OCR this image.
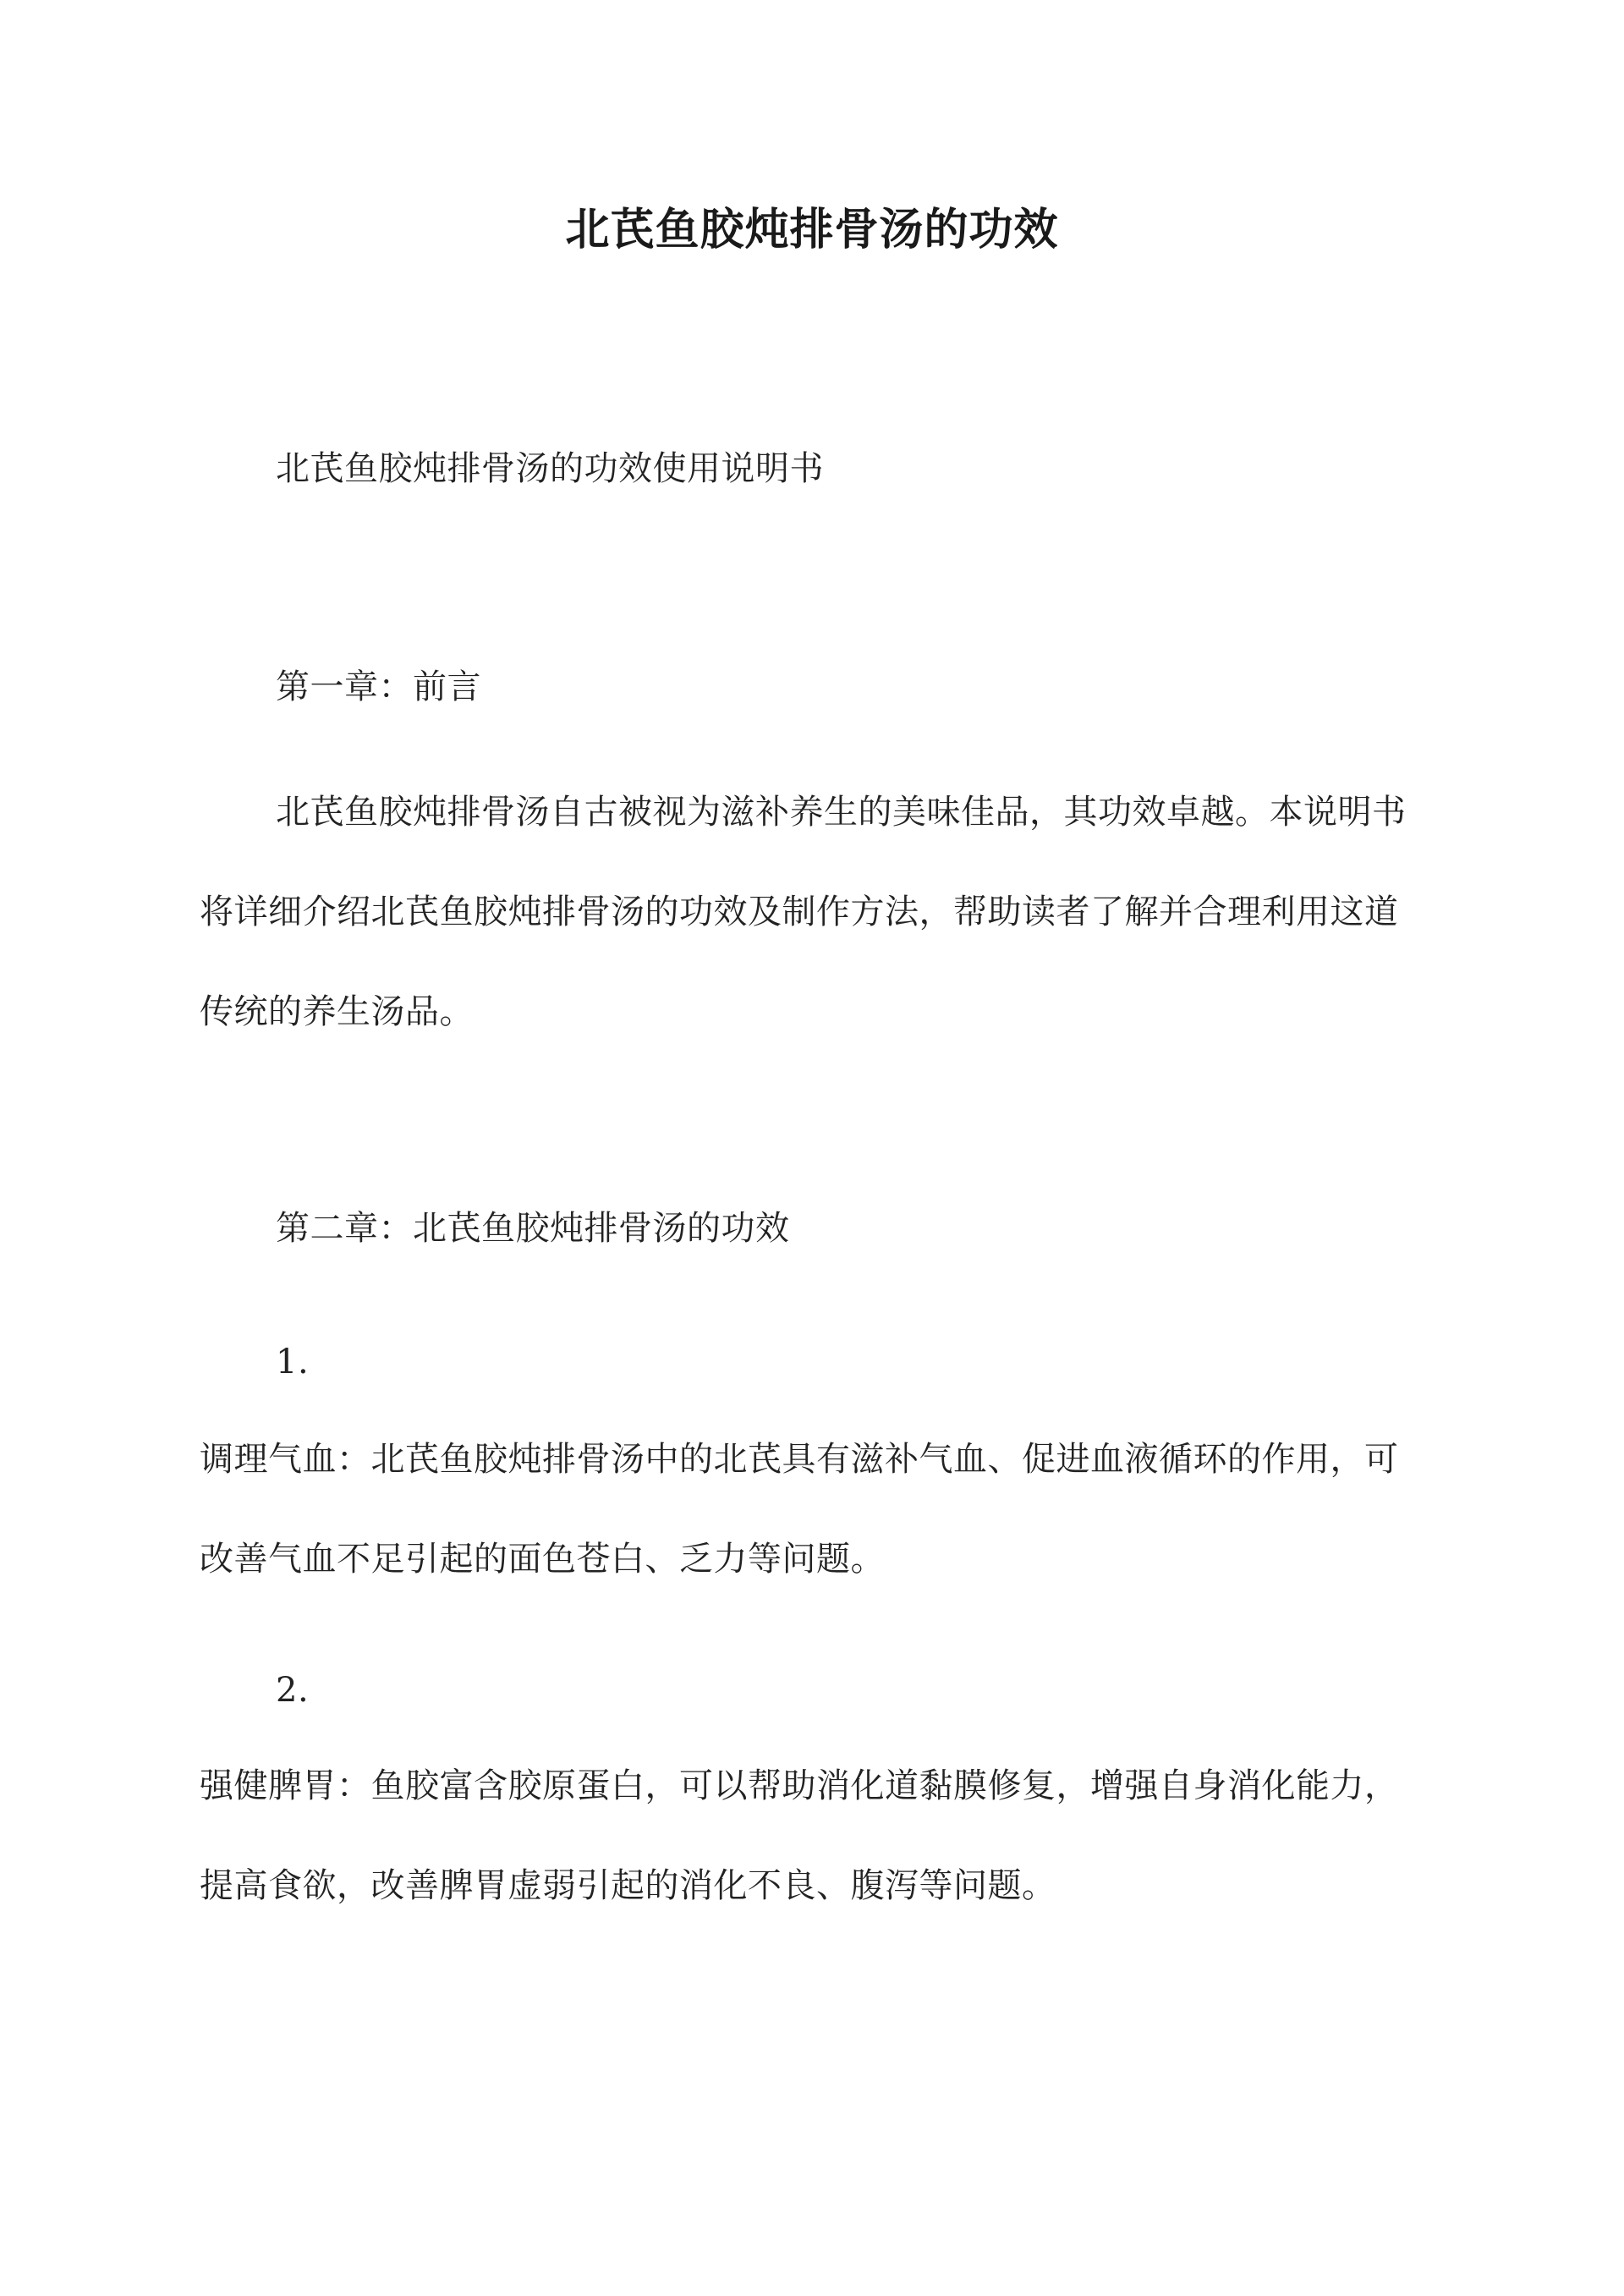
北芪鱼胶炖排骨汤的功效
北芪鱼胶炖排骨汤的功效使用说明书
第一章：前言
北芪鱼胶炖排骨汤自古被视为滋补养生的美味佳品，其功效卓越。本说明书将详细介绍北芪鱼胶炖排骨汤的功效及制作方法，帮助读者了解并合理利用这道传统的养生汤品。
第二章：北芪鱼胶炖排骨汤的功效
1.
调理气血：北芪鱼胶炖排骨汤中的北芪具有滋补气血、促进血液循环的作用，可改善气血不足引起的面色苍白、乏力等问题。
2.
强健脾胃：鱼胶富含胶原蛋白，可以帮助消化道黏膜修复，增强自身消化能力，提高食欲，改善脾胃虚弱引起的消化不良、腹泻等问题。
